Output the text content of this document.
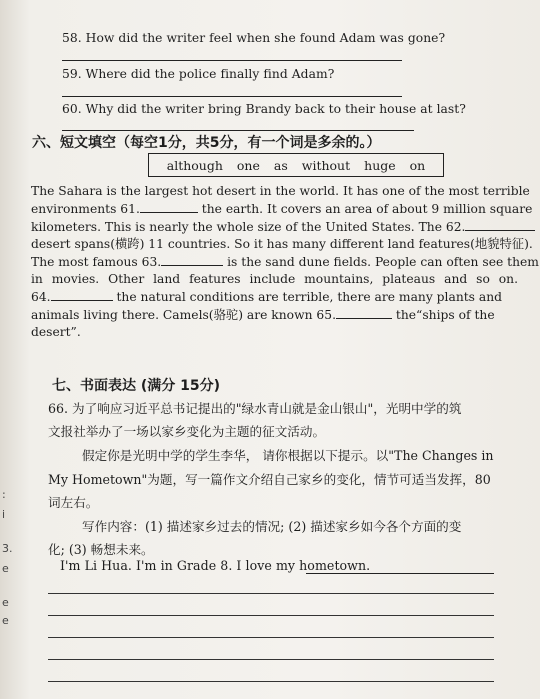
:
i
3.
e
e
e
58. How did the writer feel when she found Adam was gone?
59. Where did the police finally find Adam?
60. Why did the writer bring Brandy back to their house at last?
六、短文填空（每空1分，共5分，有一个词是多余的。）
although one as without huge on
The Sahara is the largest hot desert in the world. It has one of the most terrible
environments 61.	the earth. It covers an area of about 9 million square
kilometers. This is nearly the whole size of the United States. The 62.
desert spans(横跨) 11 countries. So it has many different land features(地貌特征).
The most famous 63.	is the sand dune fields. People can often see them
in movies. Other land features include mountains, plateaus and so on.
64.	the natural conditions are terrible, there are many plants and
animals living there. Camels(骆驼) are known 65.	the“ships of the
desert”.
七、书面表达 (满分 15分)
66. 为了响应习近平总书记提出的"绿水青山就是金山银山"，光明中学的筑
文报社举办了一场以家乡变化为主题的征文活动。
假定你是光明中学的学生李华， 请你根据以下提示。以"The Changes in
My Hometown"为题，写一篇作文介绍自己家乡的变化，情节可适当发挥，80
词左右。
写作内容：(1) 描述家乡过去的情况; (2) 描述家乡如今各个方面的变
化; (3) 畅想未来。
I'm Li Hua. I'm in Grade 8. I love my hometown.
